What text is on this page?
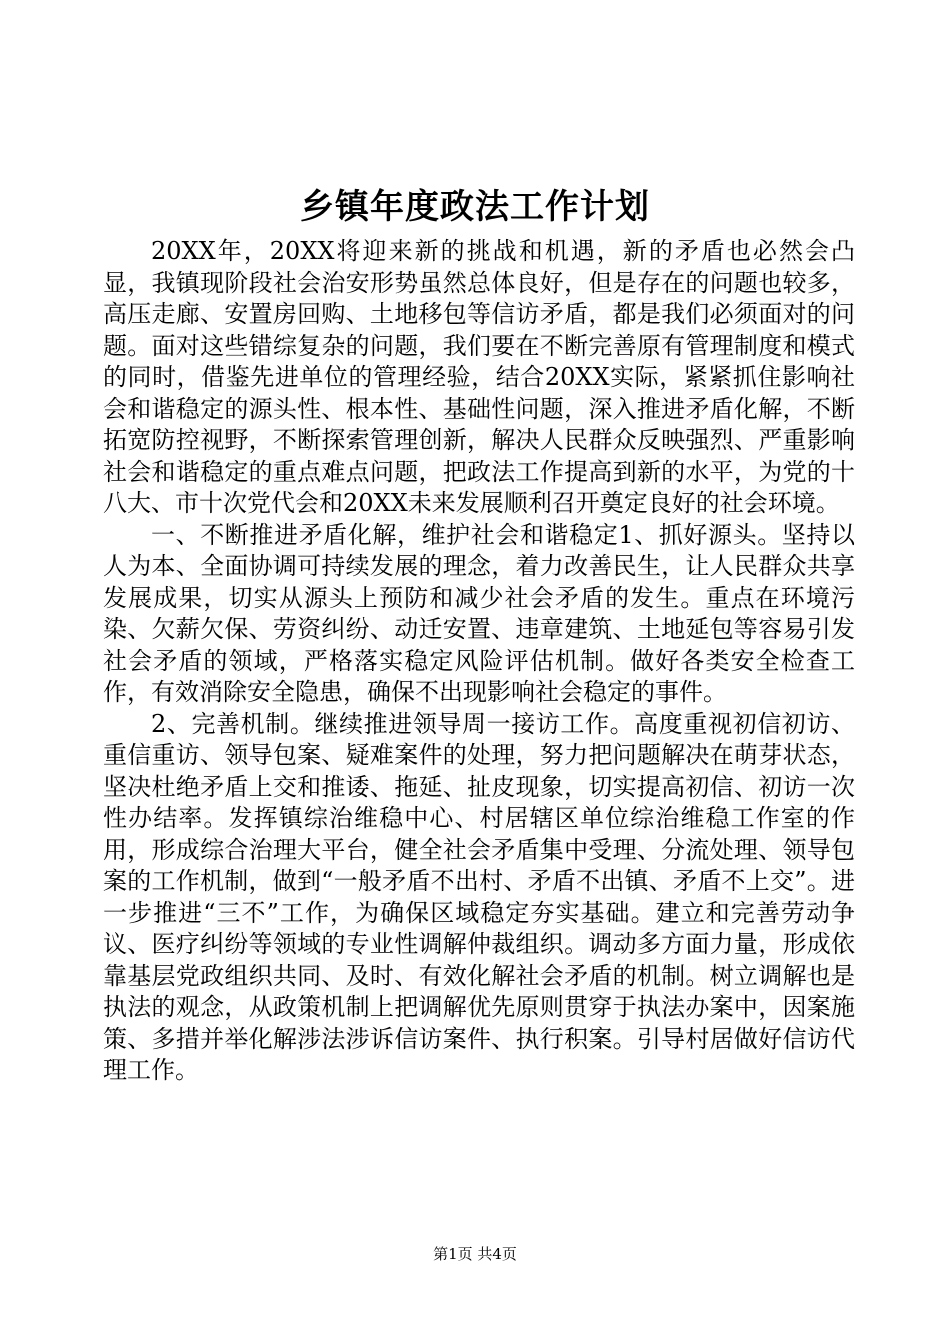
乡镇年度政法工作计划

20XX年，20XX将迎来新的挑战和机遇，新的矛盾也必然会凸显，我镇现阶段社会治安形势虽然总体良好，但是存在的问题也较多，高压走廊、安置房回购、土地移包等信访矛盾，都是我们必须面对的问题。面对这些错综复杂的问题，我们要在不断完善原有管理制度和模式的同时，借鉴先进单位的管理经验，结合20XX实际，紧紧抓住影响社会和谐稳定的源头性、根本性、基础性问题，深入推进矛盾化解，不断拓宽防控视野，不断探索管理创新，解决人民群众反映强烈、严重影响社会和谐稳定的重点难点问题，把政法工作提高到新的水平，为党的十八大、市十次党代会和20XX未来发展顺利召开奠定良好的社会环境。

一、不断推进矛盾化解，维护社会和谐稳定1、抓好源头。坚持以人为本、全面协调可持续发展的理念，着力改善民生，让人民群众共享发展成果，切实从源头上预防和减少社会矛盾的发生。重点在环境污染、欠薪欠保、劳资纠纷、动迁安置、违章建筑、土地延包等容易引发社会矛盾的领域，严格落实稳定风险评估机制。做好各类安全检查工作，有效消除安全隐患，确保不出现影响社会稳定的事件。

2、完善机制。继续推进领导周一接访工作。高度重视初信初访、重信重访、领导包案、疑难案件的处理，努力把问题解决在萌芽状态，坚决杜绝矛盾上交和推诿、拖延、扯皮现象，切实提高初信、初访一次性办结率。发挥镇综治维稳中心、村居辖区单位综治维稳工作室的作用，形成综合治理大平台，健全社会矛盾集中受理、分流处理、领导包案的工作机制，做到“一般矛盾不出村、矛盾不出镇、矛盾不上交”。进一步推进“三不”工作，为确保区域稳定夯实基础。建立和完善劳动争议、医疗纠纷等领域的专业性调解仲裁组织。调动多方面力量，形成依靠基层党政组织共同、及时、有效化解社会矛盾的机制。树立调解也是执法的观念，从政策机制上把调解优先原则贯穿于执法办案中，因案施策、多措并举化解涉法涉诉信访案件、执行积案。引导村居做好信访代理工作。

第1页 共4页
